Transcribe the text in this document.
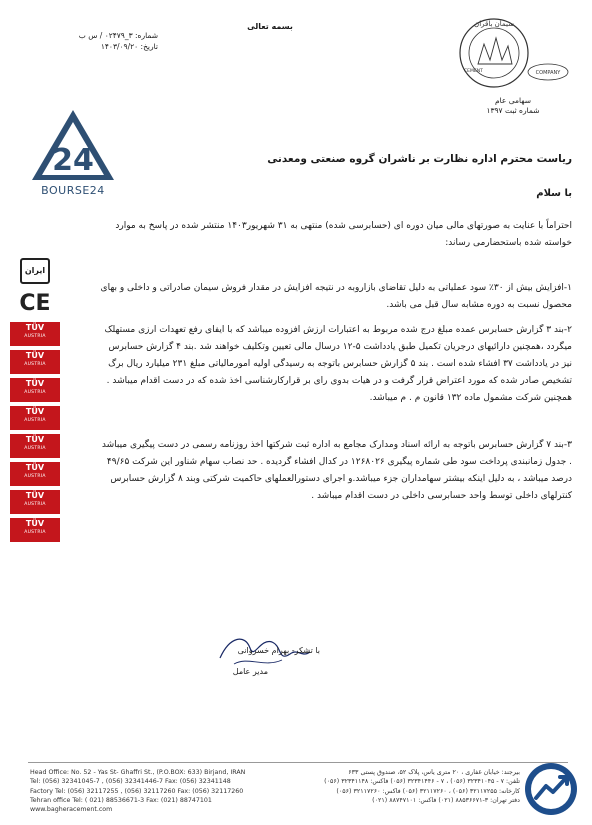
بسمه تعالی
شماره: ۳_۰۲۴۷۹ / س ب
تاریخ: ۱۴۰۳/۰۹/۲۰
سیمان باقران
CEMENT	COMPANY
سهامی عام
شماره ثبت ۱۳۹۷
24
BOURSE24
ریاست محترم اداره نظارت بر ناشران گروه صنعتی ومعدنی
با سلام
احتراماً با عنایت به صورتهای مالی میان دوره ای (حسابرسی شده) منتهی به ۳۱ شهریور۱۴۰۳ منتشر شده در پاسخ به موارد خواسته شده باستحضارمی رساند:
۱-افزایش بیش از ۳۰٪ سود عملیاتی به دلیل تقاضای بازاروبه در نتیجه افزایش در مقدار فروش سیمان صادراتی و داخلی و بهای محصول نسبت به دوره مشابه سال قبل می باشد.
۲-بند ۳ گزارش حسابرس عمده مبلغ درج شده مربوط به اعتبارات ارزش افزوده میباشد که با ایفای رفع تعهدات ارزی مستهلک میگردد ،همچنین دارائیهای درجریان تکمیل طبق یادداشت ۵-۱۲ درسال مالی تعیین وتکلیف خواهند شد .بند ۴ گزارش حسابرس نیز در یادداشت ۳۷ افشاء شده است . بند ۵ گزارش حسابرس باتوجه به رسیدگی اولیه امورمالیاتی مبلغ ۲۳۱ میلیارد ریال برگ تشخیص صادر شده که مورد اعتراض قرار گرفت و در هیات بدوی رای بر قرارکارشناسی اخذ شده که در دست اقدام میباشد . همچنین شرکت مشمول ماده ۱۳۲ قانون م . م میباشد.
۳-بند ۷ گزارش حسابرس باتوجه به ارائه اسناد ومدارک مجامع به اداره ثبت شرکتها اخذ روزنامه رسمی در دست پیگیری میباشد . جدول زمانبندی پرداخت سود طی شماره پیگیری ۱۲۶۸۰۲۶ در کدال افشاء گردیده . حد نصاب سهام شناور این شرکت ۴۹/۶۵ درصد میباشد ، به دلیل اینکه بیشتر سهامداران جزء میباشد.و اجرای دستورالعملهای حاکمیت شرکتی وبند ۸ گزارش حسابرس کنترلهای داخلی توسط واحد حسابرسی داخلی در دست اقدام میباشد .
ایران
CE
TÜV
AUSTRIA
TÜV
AUSTRIA
TÜV
AUSTRIA
TÜV
AUSTRIA
TÜV
AUSTRIA
TÜV
AUSTRIA
TÜV
AUSTRIA
TÜV
AUSTRIA
با تشکر- بهرام خسروانی
مدیر عامل
Head Office: No. 52 - Yas St- Ghaffri St., (P.O.BOX: 633) Birjand, IRAN
Tel: (056) 32341045-7 , (056) 32341446-7 Fax: (056) 32341148
Factory Tel: (056) 32117255 , (056) 32117260 Fax: (056) 32117260
Tehran office Tel: ( 021) 88536671-3 Fax: (021) 88747101
www.bagheracement.com
بیرجند: خیابان غفاری ، ۲۰ متری یاس، پلاک ۵۲، صندوق پستی ۶۳۳
تلفن: ۷ - ۳۲۳۴۱۰۴۵ (۰۵۶) ، ۷ - ۳۲۳۴۱۴۴۶ (۰۵۶) فاکس: ۳۲۳۴۱۱۴۸ (۰۵۶)
کارخانه: ۳۲۱۱۷۲۵۵ (۰۵۶) ، ۳۲۱۱۷۲۶۰ (۰۵۶) فاکس: ۳۲۱۱۷۲۶۰ (۰۵۶)
دفتر تهران: ۳-۸۸۵۳۶۶۷۱ (۰۲۱) فاکس: ۸۸۷۴۷۱۰۱ (۰۲۱)
